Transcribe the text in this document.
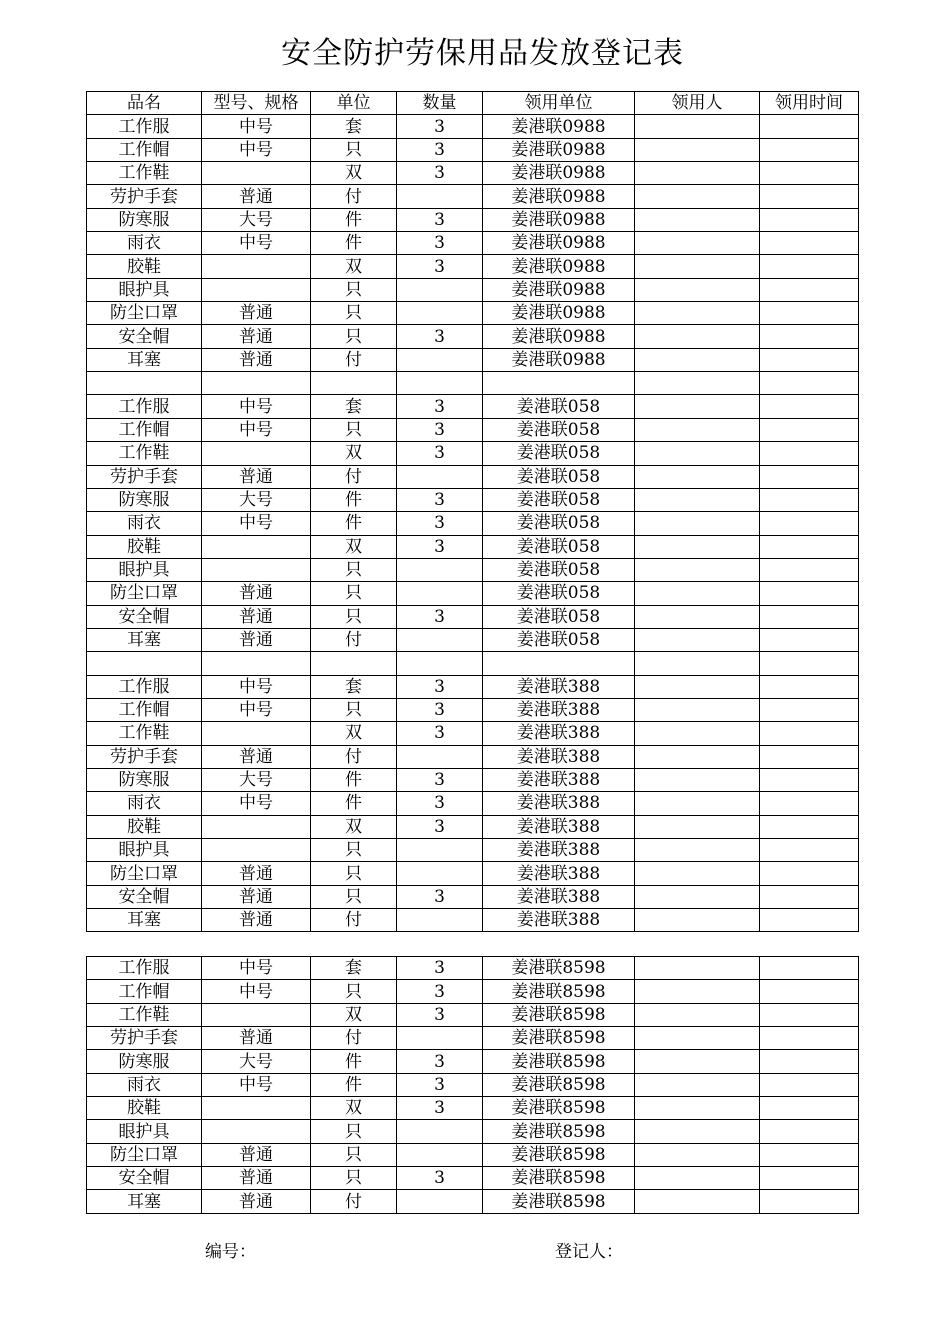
安全防护劳保用品发放登记表
品名	型号、规格	单位	数量	领用单位	领用人	领用时间
工作服	中号	套	3	姜港联0988		
工作帽	中号	只	3	姜港联0988		
工作鞋		双	3	姜港联0988		
劳护手套	普通	付		姜港联0988		
防寒服	大号	件	3	姜港联0988		
雨衣	中号	件	3	姜港联0988		
胶鞋		双	3	姜港联0988		
眼护具		只		姜港联0988		
防尘口罩	普通	只		姜港联0988		
安全帽	普通	只	3	姜港联0988		
耳塞	普通	付		姜港联0988		

工作服	中号	套	3	姜港联058		
工作帽	中号	只	3	姜港联058		
工作鞋		双	3	姜港联058		
劳护手套	普通	付		姜港联058		
防寒服	大号	件	3	姜港联058		
雨衣	中号	件	3	姜港联058		
胶鞋		双	3	姜港联058		
眼护具		只		姜港联058		
防尘口罩	普通	只		姜港联058		
安全帽	普通	只	3	姜港联058		
耳塞	普通	付		姜港联058		

工作服	中号	套	3	姜港联388		
工作帽	中号	只	3	姜港联388		
工作鞋		双	3	姜港联388		
劳护手套	普通	付		姜港联388		
防寒服	大号	件	3	姜港联388		
雨衣	中号	件	3	姜港联388		
胶鞋		双	3	姜港联388		
眼护具		只		姜港联388		
防尘口罩	普通	只		姜港联388		
安全帽	普通	只	3	姜港联388		
耳塞	普通	付		姜港联388		
工作服	中号	套	3	姜港联8598		
工作帽	中号	只	3	姜港联8598		
工作鞋		双	3	姜港联8598		
劳护手套	普通	付		姜港联8598		
防寒服	大号	件	3	姜港联8598		
雨衣	中号	件	3	姜港联8598		
胶鞋		双	3	姜港联8598		
眼护具		只		姜港联8598		
防尘口罩	普通	只		姜港联8598		
安全帽	普通	只	3	姜港联8598		
耳塞	普通	付		姜港联8598		
编号：	登记人：
